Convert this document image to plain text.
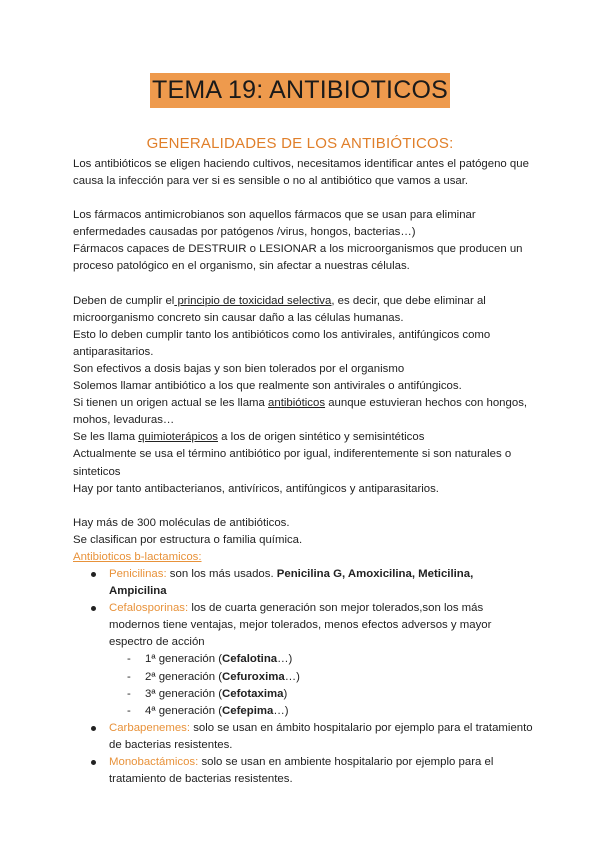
TEMA 19: ANTIBIOTICOS
GENERALIDADES DE LOS ANTIBIÓTICOS:

Los antibióticos se eligen haciendo cultivos, necesitamos identificar antes el patógeno que causa la infección para ver si es sensible o no al antibiótico que vamos a usar.

Los fármacos antimicrobianos son aquellos fármacos que se usan para eliminar enfermedades causadas por patógenos /virus, hongos, bacterias…)

Fármacos capaces de DESTRUIR o LESIONAR a los microorganismos que producen un proceso patológico en el organismo, sin afectar a nuestras células.

Deben de cumplir el principio de toxicidad selectiva, es decir, que debe eliminar al microorganismo concreto sin causar daño a las células humanas.

Esto lo deben cumplir tanto los antibióticos como los antivirales, antifúngicos como antiparasitarios.

Son efectivos a dosis bajas y son bien tolerados por el organismo

Solemos llamar antibiótico a los que realmente son antivirales o antifúngicos.

Si tienen un origen actual se les llama antibióticos aunque estuvieran hechos con hongos, mohos, levaduras…

Se les llama quimioterápicos a los de origen sintético y semisintéticos

Actualmente se usa el término antibiótico por igual, indiferentemente si son naturales o sinteticos

Hay por tanto antibacterianos, antivíricos, antifúngicos y antiparasitarios.

Hay más de 300 moléculas de antibióticos.

Se clasifican por estructura o familia química.

Antibioticos b-lactamicos:

Penicilinas: son los más usados. Penicilina G, Amoxicilina, Meticilina, Ampicilina
Cefalosporinas: los de cuarta generación son mejor tolerados,son los más modernos tiene ventajas, mejor tolerados, menos efectos adversos y mayor espectro de acción
- 1ª generación (Cefalotina…)
- 2ª generación (Cefuroxima…)
- 3ª generación (Cefotaxima)
- 4ª generación (Cefepima…)
Carbapenemes: solo se usan en ámbito hospitalario por ejemplo para el tratamiento de bacterias resistentes.
Monobactámicos: solo se usan en ambiente hospitalario por ejemplo para el tratamiento de bacterias resistentes.
